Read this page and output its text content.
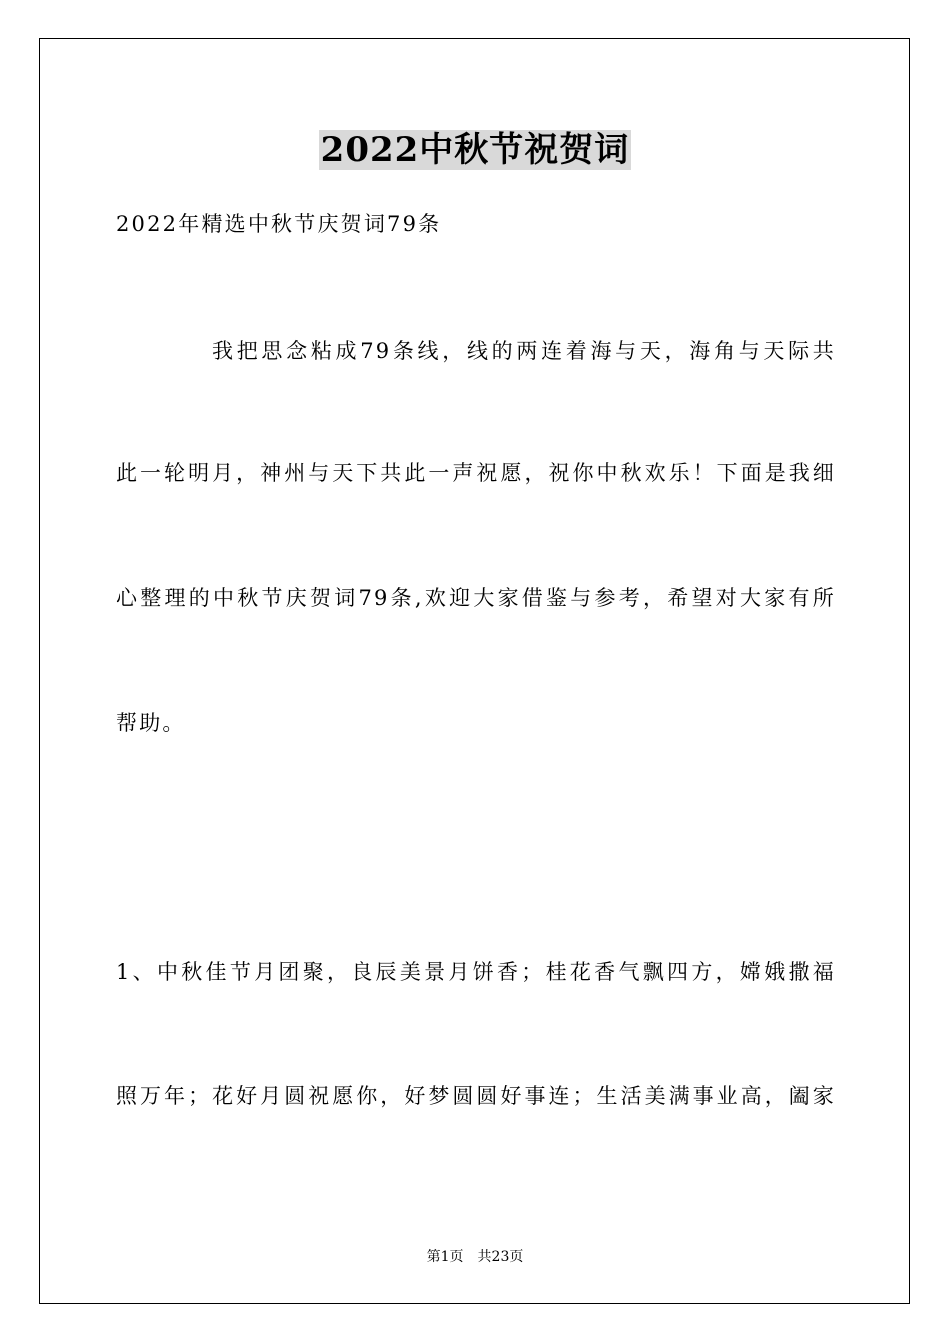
2022中秋节祝贺词
2022年精选中秋节庆贺词79条
我把思念粘成79条线，线的两连着海与天，海角与天际共
此一轮明月，神州与天下共此一声祝愿，祝你中秋欢乐！下面是我细
心整理的中秋节庆贺词79条,欢迎大家借鉴与参考，希望对大家有所
帮助。
1、中秋佳节月团聚，良辰美景月饼香；桂花香气飘四方，嫦娥撒福
照万年；花好月圆祝愿你，好梦圆圆好事连；生活美满事业高，阖家
第1页　共23页
